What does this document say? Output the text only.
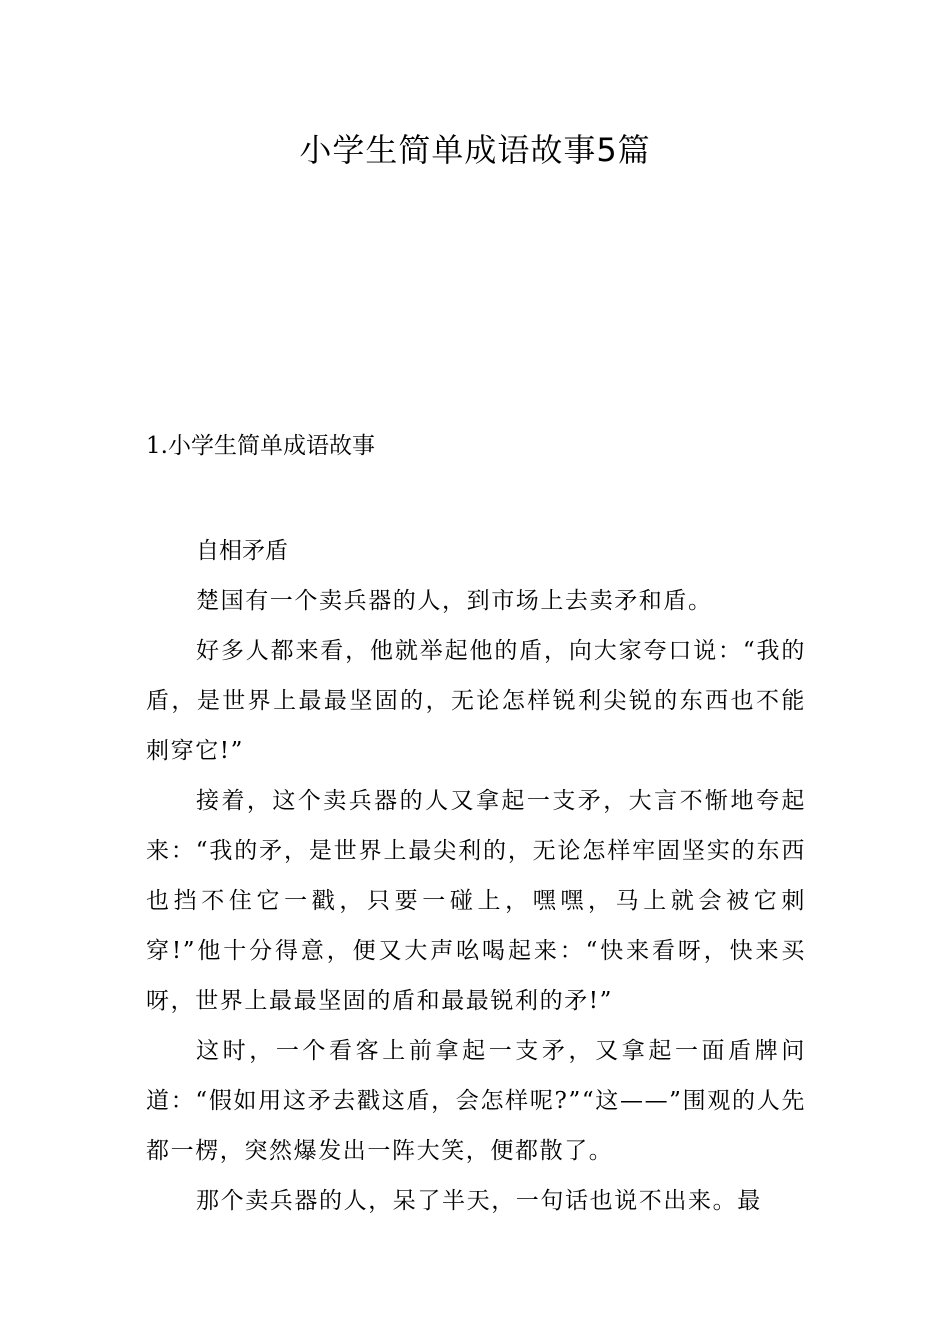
小学生简单成语故事5篇
1.小学生简单成语故事
自相矛盾

楚国有一个卖兵器的人，到市场上去卖矛和盾。

好多人都来看，他就举起他的盾，向大家夸口说：“我的盾，是世界上最最坚固的，无论怎样锐利尖锐的东西也不能刺穿它!”

接着，这个卖兵器的人又拿起一支矛，大言不惭地夸起来：“我的矛，是世界上最尖利的，无论怎样牢固坚实的东西也挡不住它一戳，只要一碰上，嘿嘿，马上就会被它刺穿!”他十分得意，便又大声吆喝起来：“快来看呀，快来买呀，世界上最最坚固的盾和最最锐利的矛!”

这时，一个看客上前拿起一支矛，又拿起一面盾牌问道：“假如用这矛去戳这盾，会怎样呢?”“这——”围观的人先都一楞，突然爆发出一阵大笑，便都散了。

那个卖兵器的人，呆了半天，一句话也说不出来。最
